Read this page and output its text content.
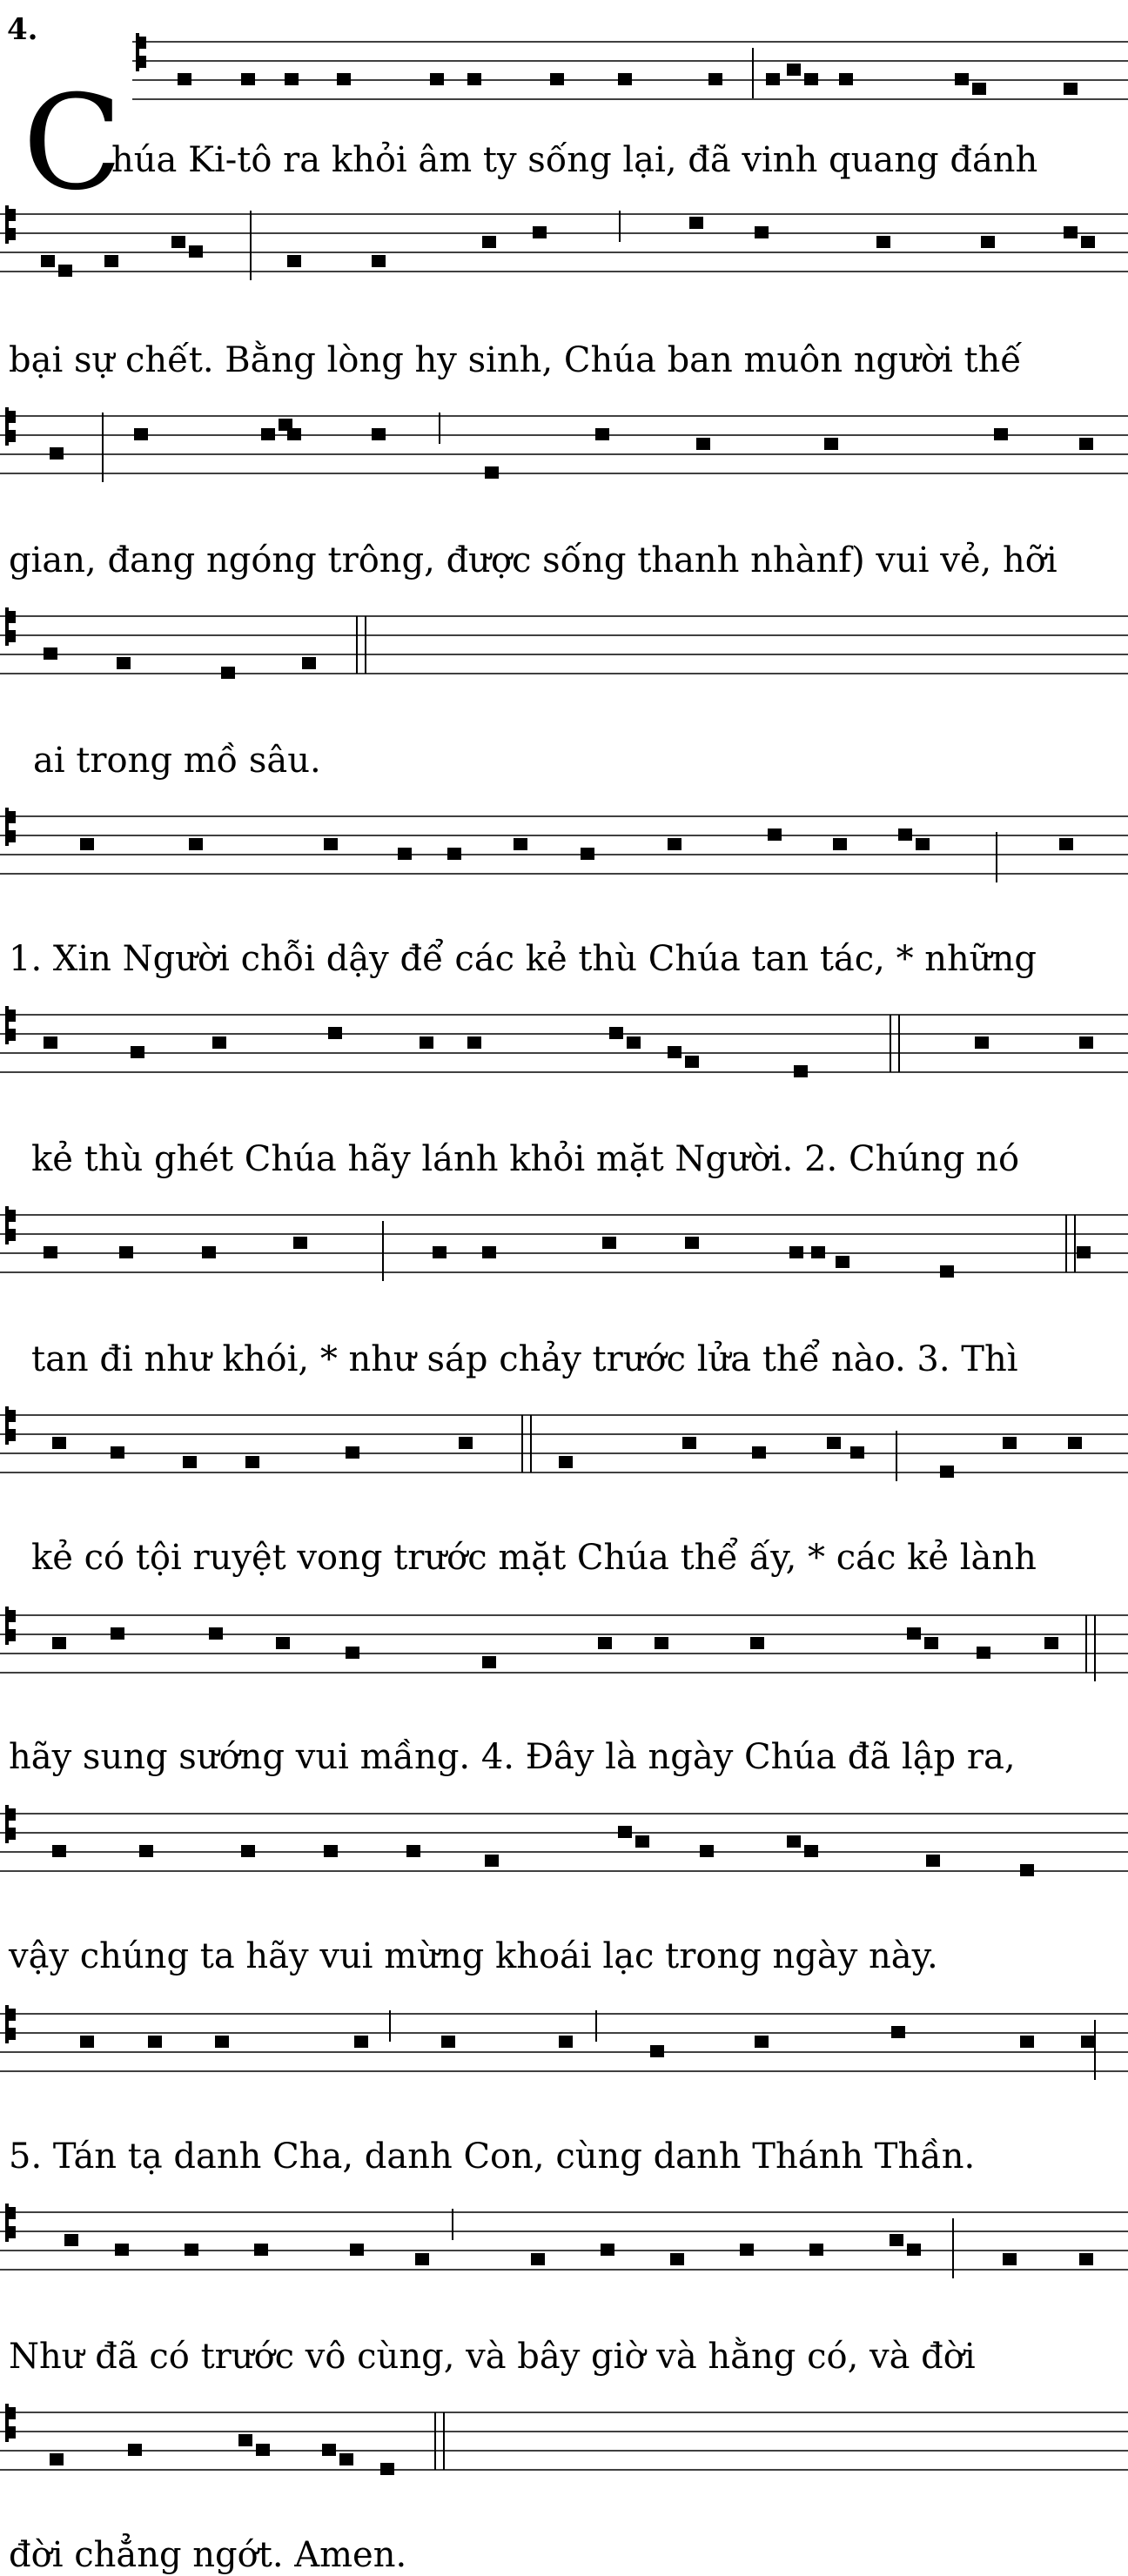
4.
C
húa Ki-tô ra khỏi âm ty sống lại, đã vinh quang đánh
bại sự chết. Bằng lòng hy sinh, Chúa ban muôn người thế
gian, đang ngóng trông, được sống thanh nhànf) vui vẻ, hỡi
ai trong mồ sâu.
1. Xin Người chỗi dậy để các kẻ thù Chúa tan tác, * những
kẻ thù ghét Chúa hãy lánh khỏi mặt Người. 2. Chúng nó
tan đi như khói, * như sáp chảy trước lửa thể nào. 3. Thì
kẻ có tội ruyệt vong trước mặt Chúa thể ấy, * các kẻ lành
hãy sung sướng vui mầng. 4. Đây là ngày Chúa đã lập ra,
vậy chúng ta hãy vui mừng khoái lạc trong ngày này.
5. Tán tạ danh Cha, danh Con, cùng danh Thánh Thần.
Như đã có trước vô cùng, và bây giờ và hằng có, và đời
đời chẳng ngớt. Amen.
